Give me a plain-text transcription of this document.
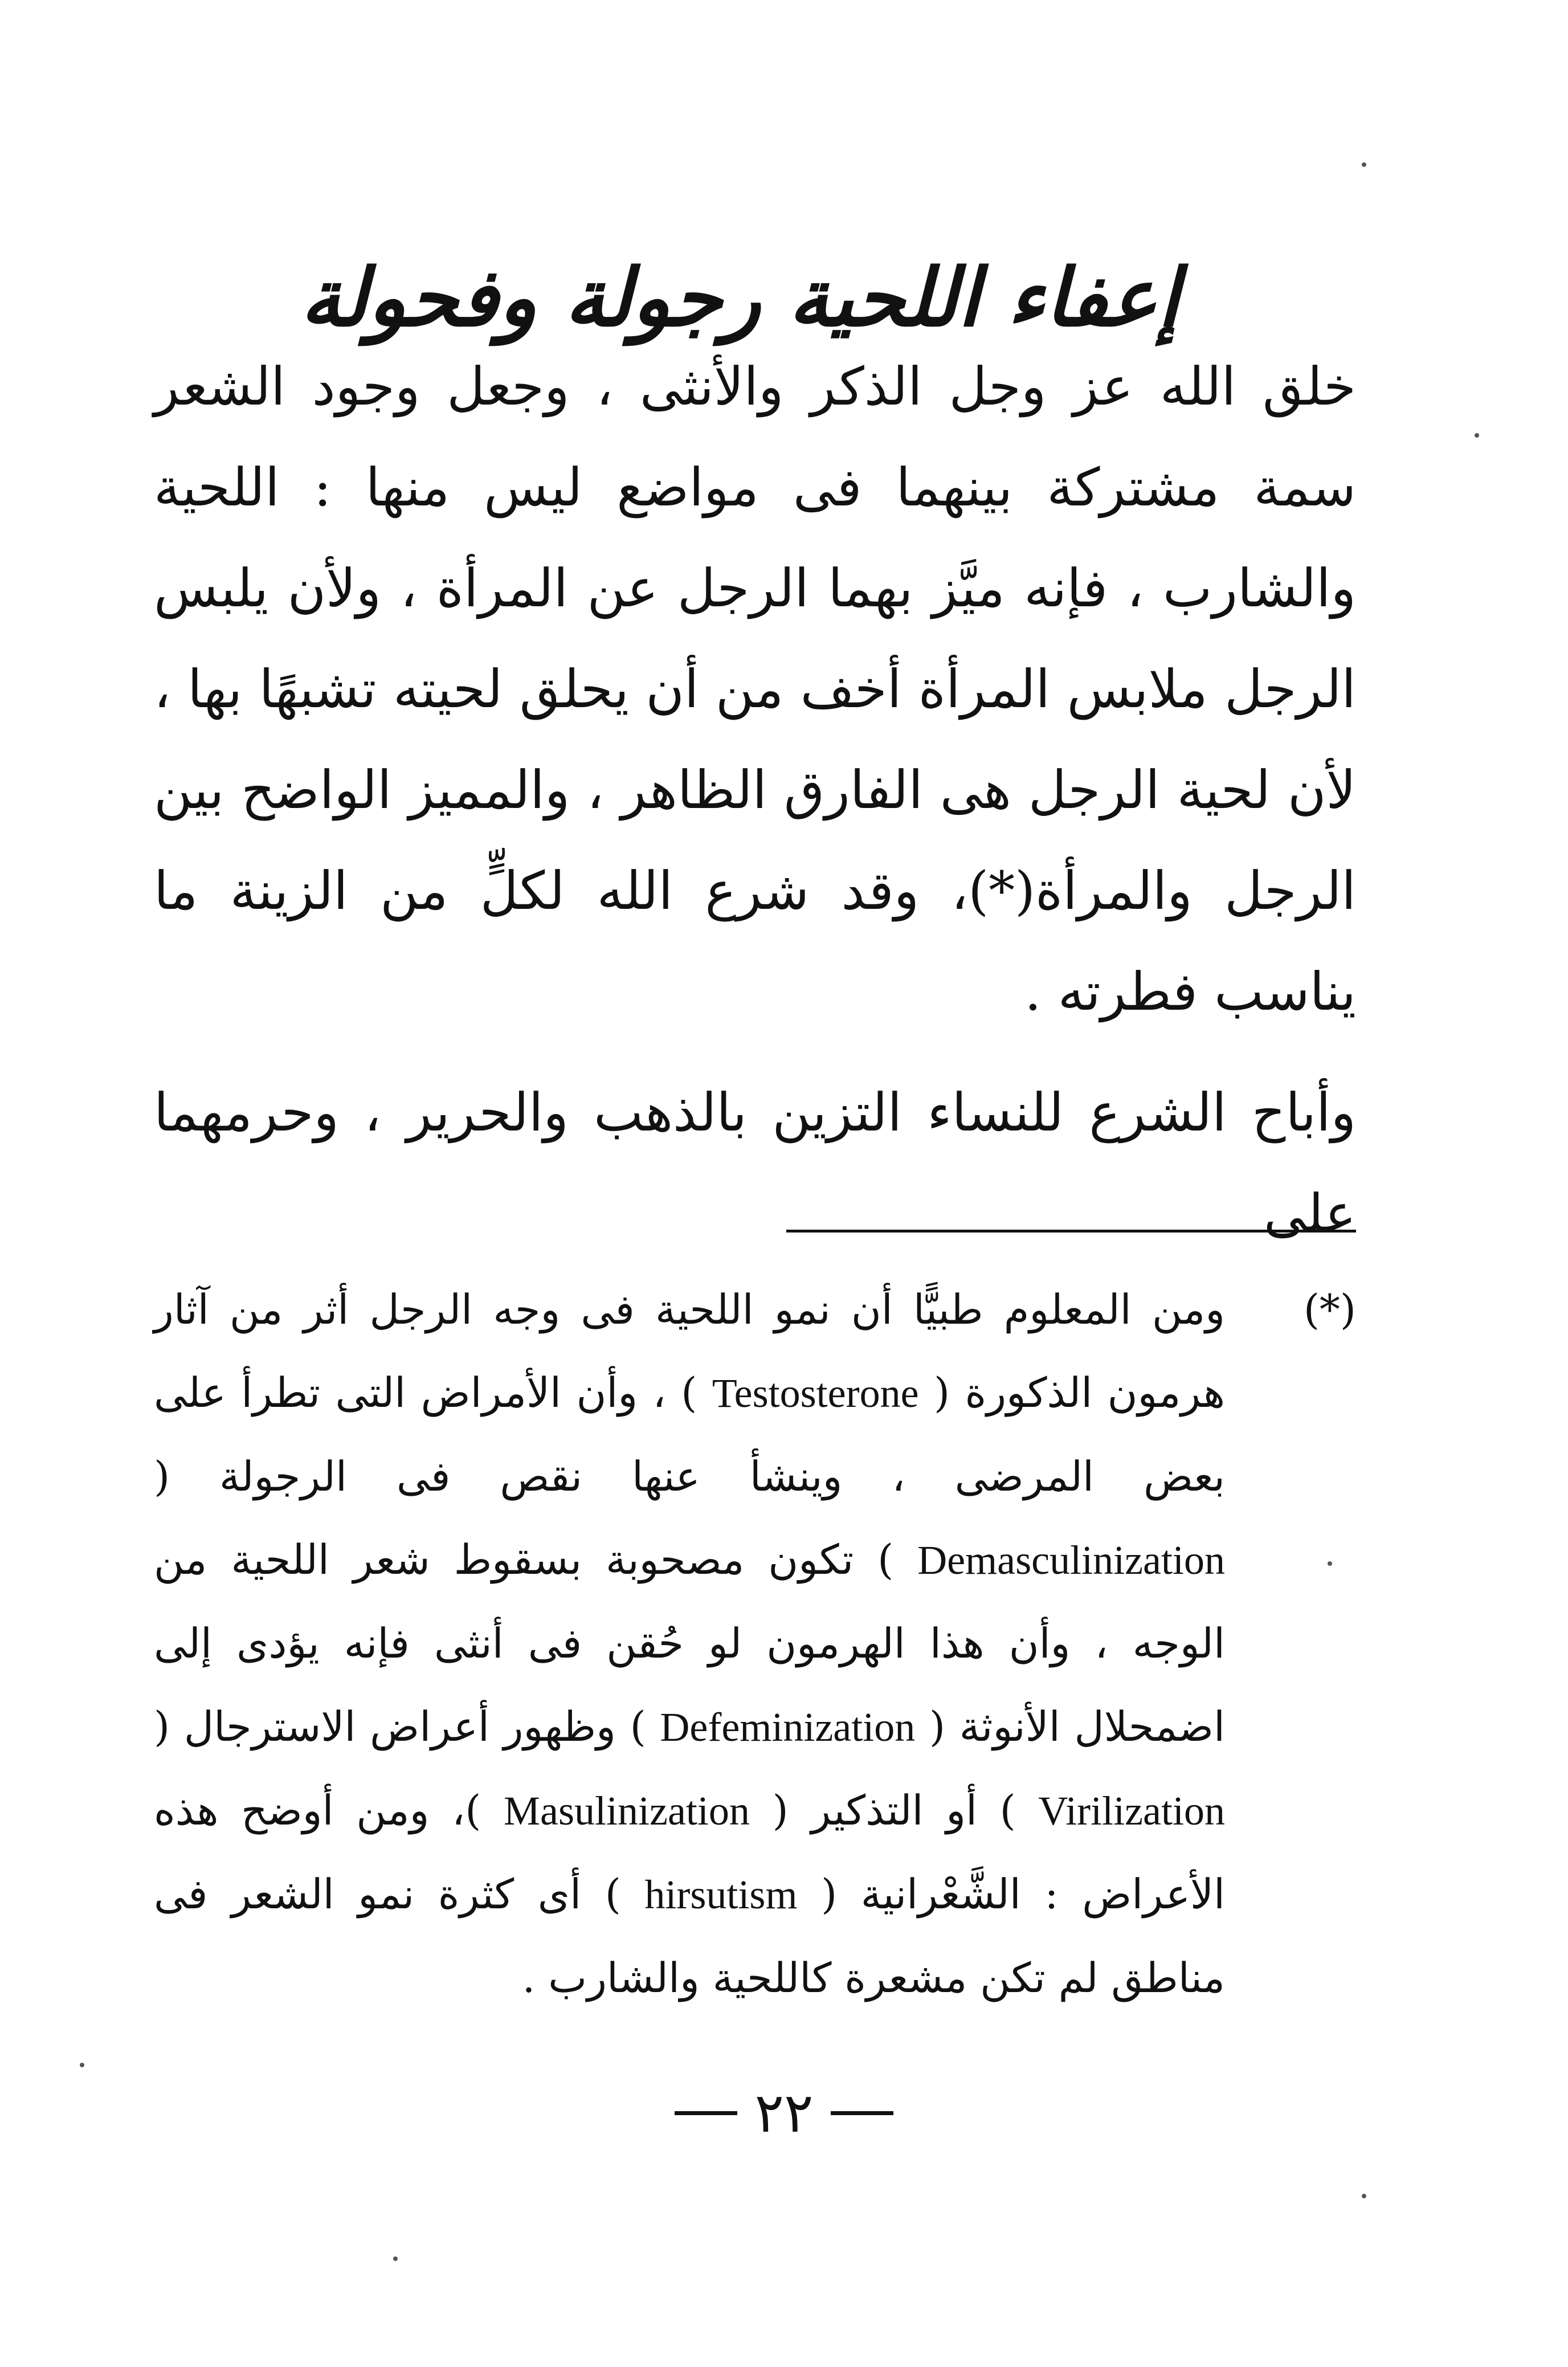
إعفاء اللحية رجولة وفحولة

خلق الله عز وجل الذكر والأنثى ، وجعل وجود الشعر سمة مشتركة بينهما فى مواضع ليس منها : اللحية والشارب ، فإنه ميَّز بهما الرجل عن المرأة ، ولأن يلبس الرجل ملابس المرأة أخف من أن يحلق لحيته تشبهًا بها ، لأن لحية الرجل هى الفارق الظاهر ، والمميز الواضح بين الرجل والمرأة(*)، وقد شرع الله لكلٍّ من الزينة ما يناسب فطرته .

وأباح الشرع للنساء التزين بالذهب والحرير ، وحرمهما على

(*)
ومن المعلوم طبيًّا أن نمو اللحية فى وجه الرجل أثر من آثار هرمون الذكورة ( Testosterone ) ، وأن الأمراض التى تطرأ على بعض المرضى ، وينشأ عنها نقص فى الرجولة ( Demasculinization ) تكون مصحوبة بسقوط شعر اللحية من الوجه ، وأن هذا الهرمون لو حُقن فى أنثى فإنه يؤدى إلى اضمحلال الأنوثة ( Defeminization ) وظهور أعراض الاسترجال ( Virilization ) أو التذكير ( Masulinization )، ومن أوضح هذه الأعراض : الشَّعْرانية ( hirsutism ) أى كثرة نمو الشعر فى مناطق لم تكن مشعرة كاللحية والشارب .
٢٢
